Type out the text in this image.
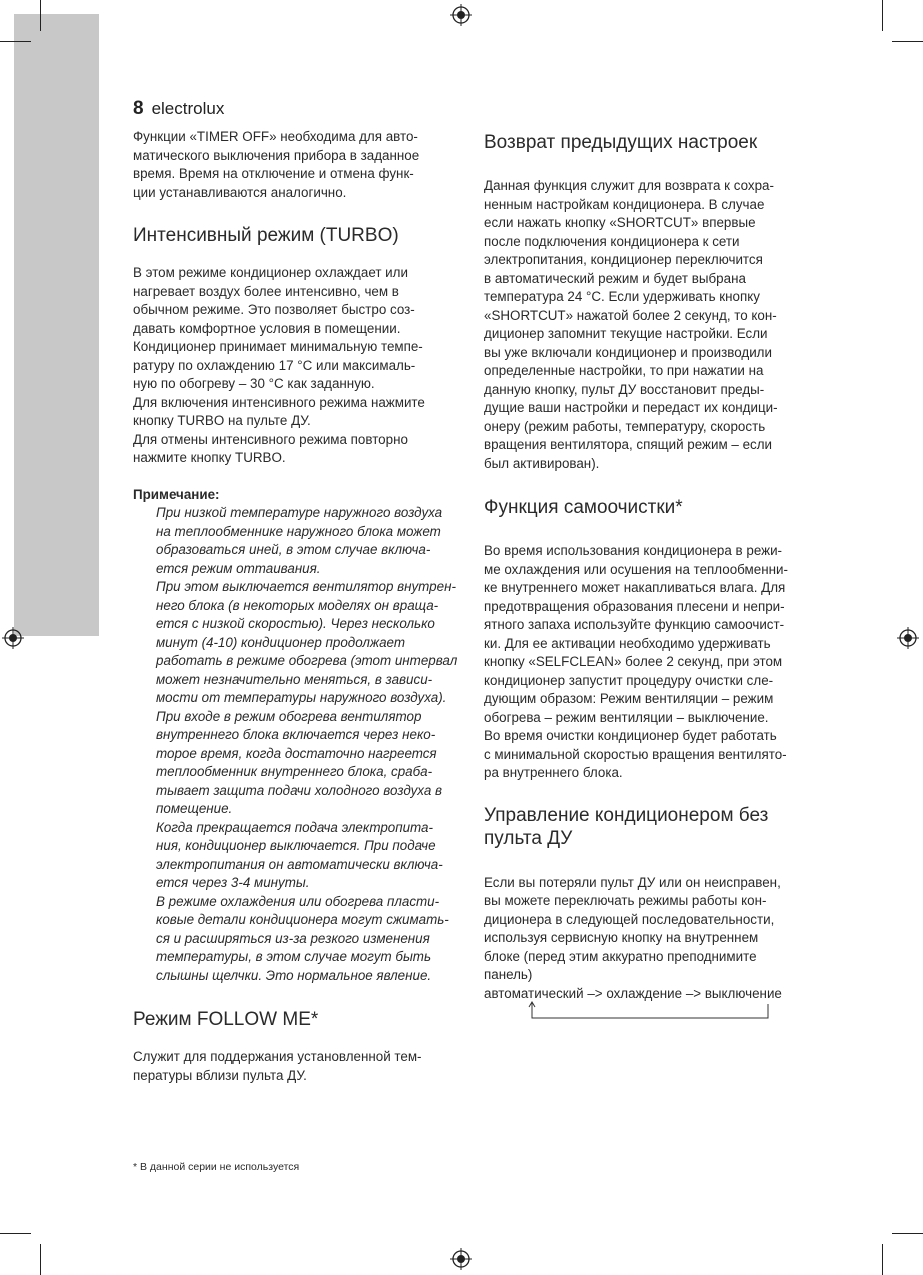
8 electrolux

Функции «TIMER OFF» необходима для авто-
матического выключения прибора в заданное
время. Время на отключение и отмена функ-
ции устанавливаются аналогично.

Интенсивный режим (TURBO)

В этом режиме кондиционер охлаждает или
нагревает воздух более интенсивно, чем в
обычном режиме. Это позволяет быстро соз-
давать комфортное условия в помещении.
Кондиционер принимает минимальную темпе-
ратуру по охлаждению 17 °C или максималь-
ную по обогреву – 30 °C как заданную.
Для включения интенсивного режима нажмите
кнопку TURBO на пульте ДУ.
Для отмены интенсивного режима повторно
нажмите кнопку TURBO.

Примечание:

При низкой температуре наружного воздуха
на теплообменнике наружного блока может
образоваться иней, в этом случае включа-
ется режим оттаивания.
При этом выключается вентилятор внутрен-
него блока (в некоторых моделях он враща-
ется с низкой скоростью). Через несколько
минут (4-10) кондиционер продолжает
работать в режиме обогрева (этот интервал
может незначительно меняться, в зависи-
мости от температуры наружного воздуха).
При входе в режим обогрева вентилятор
внутреннего блока включается через неко-
торое время, когда достаточно нагреется
теплообменник внутреннего блока, сраба-
тывает защита подачи холодного воздуха в
помещение.
Когда прекращается подача электропита-
ния, кондиционер выключается. При подаче
электропитания он автоматически включа-
ется через 3-4 минуты.
В режиме охлаждения или обогрева пласти-
ковые детали кондиционера могут сжимать-
ся и расширяться из-за резкого изменения
температуры, в этом случае могут быть
слышны щелчки. Это нормальное явление.

Режим FOLLOW ME*

Служит для поддержания установленной тем-
пературы вблизи пульта ДУ.

Возврат предыдущих настроек

Данная функция служит для возврата к сохра-
ненным настройкам кондиционера. В случае
если нажать кнопку «SHORTCUT» впервые
после подключения кондиционера к сети
электропитания, кондиционер переключится
в автоматический режим и будет выбрана
температура 24 °C. Если удерживать кнопку
«SHORTCUT» нажатой более 2 секунд, то кон-
диционер запомнит текущие настройки. Если
вы уже включали кондиционер и производили
определенные настройки, то при нажатии на
данную кнопку, пульт ДУ восстановит преды-
дущие ваши настройки и передаст их кондици-
онеру (режим работы, температуру, скорость
вращения вентилятора, спящий режим – если
был активирован).

Функция самоочистки*

Во время использования кондиционера в режи-
ме охлаждения или осушения на теплообменни-
ке внутреннего может накапливаться влага. Для
предотвращения образования плесени и непри-
ятного запаха используйте функцию самоочист-
ки. Для ее активации необходимо удерживать
кнопку «SELFCLEAN» более 2 секунд, при этом
кондиционер запустит процедуру очистки сле-
дующим образом: Режим вентиляции – режим
обогрева – режим вентиляции – выключение.
Во время очистки кондиционер будет работать
с минимальной скоростью вращения вентилято-
ра внутреннего блока.

Управление кондиционером без
пульта ДУ

Если вы потеряли пульт ДУ или он неисправен,
вы можете переключать режимы работы кон-
диционера в следующей последовательности,
используя сервисную кнопку на внутреннем
блоке (перед этим аккуратно преподнимите
панель)

автоматический –> охлаждение –> выключение
* В данной серии не используется
